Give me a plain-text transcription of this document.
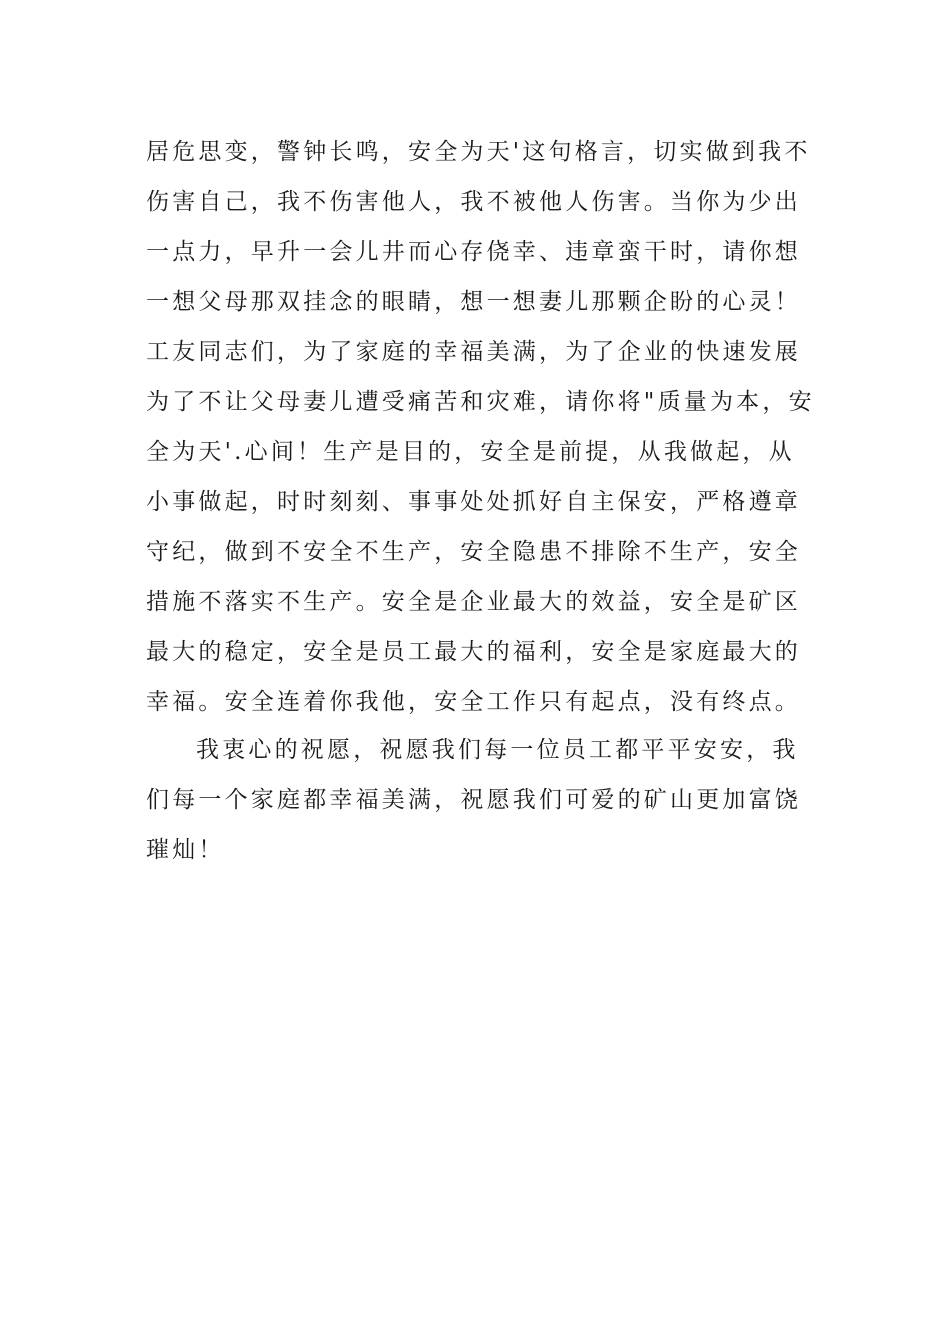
居危思变，警钟长鸣，安全为天'这句格言，切实做到我不
伤害自己，我不伤害他人，我不被他人伤害。当你为少出
一点力，早升一会儿井而心存侥幸、违章蛮干时，请你想
一想父母那双挂念的眼睛，想一想妻儿那颗企盼的心灵！
工友同志们，为了家庭的幸福美满，为了企业的快速发展
为了不让父母妻儿遭受痛苦和灾难，请你将"质量为本，安
全为天'.心间！生产是目的，安全是前提，从我做起，从
小事做起，时时刻刻、事事处处抓好自主保安，严格遵章
守纪，做到不安全不生产，安全隐患不排除不生产，安全
措施不落实不生产。安全是企业最大的效益，安全是矿区
最大的稳定，安全是员工最大的福利，安全是家庭最大的
幸福。安全连着你我他，安全工作只有起点，没有终点。
我衷心的祝愿，祝愿我们每一位员工都平平安安，我
们每一个家庭都幸福美满，祝愿我们可爱的矿山更加富饶
璀灿！
